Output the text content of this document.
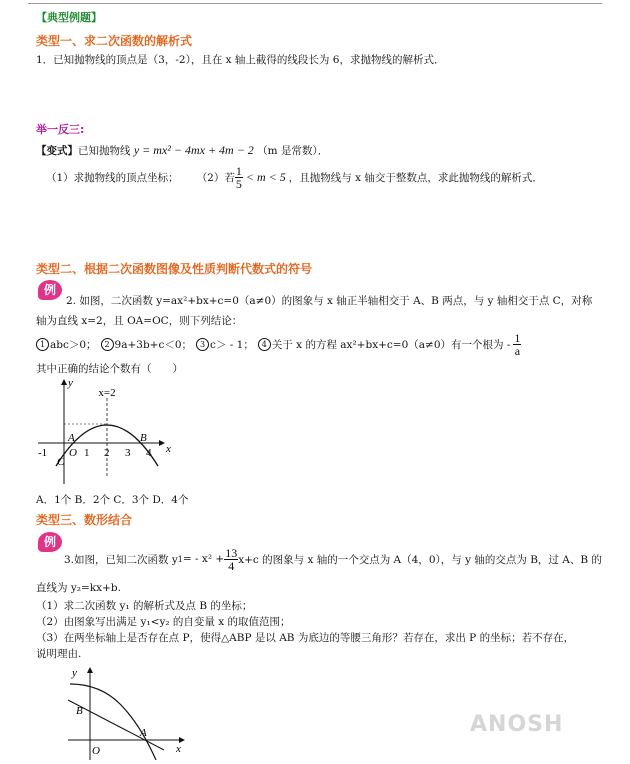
【典型例题】
类型一、求二次函数的解析式
1．已知抛物线的顶点是（3，-2），且在 x 轴上截得的线段长为 6，求抛物线的解析式．
举一反三:
【变式】已知抛物线 y = mx² − 4mx + 4m − 2 （m 是常数）．
（1）求抛物线的顶点坐标； （2）若 $\frac{1}{5} < m < 5$ ，且抛物线与 x 轴交于整数点，求此抛物线的解析式．
类型二、根据二次函数图像及性质判断代数式的符号
例
2. 如图，二次函数 y=ax²+bx+c=0（a≠0）的图象与 x 轴正半轴相交于 A、B 两点，与 y 轴相交于点 C，对称
轴为直线 x=2，且 OA=OC，则下列结论：
1 abc＞0； 2 9a+3b+c＜0； 3 c＞ - 1； 4 关于 x 的方程 ax²+bx+c=0（a≠0）有一个根为 - $\frac{1}{a}$
其中正确的结论个数有（　　）
x=2
x
y
A	B
C
O
-1	1 2 3 4
A．1个 B．2个 C．3个 D．4个
类型三、数形结合
例
3.如图，已知二次函数 y 1 = - $x^2 + \frac{13}{4} x+c$ 的图象与 x 轴的一个交点为 A（4，0），与 y 轴的交点为 B，过 A、B 的
直线为 y₂=kx+b.
（1）求二次函数 y₁ 的解析式及点 B 的坐标；
（2）由图象写出满足 y₁<y₂ 的自变量 x 的取值范围；
（3）在两坐标轴上是否存在点 P，使得△ABP 是以 AB 为底边的等腰三角形？若存在，求出 P 的坐标；若不存在，
说明理由.
x
y
A
B
O
ANOSH
